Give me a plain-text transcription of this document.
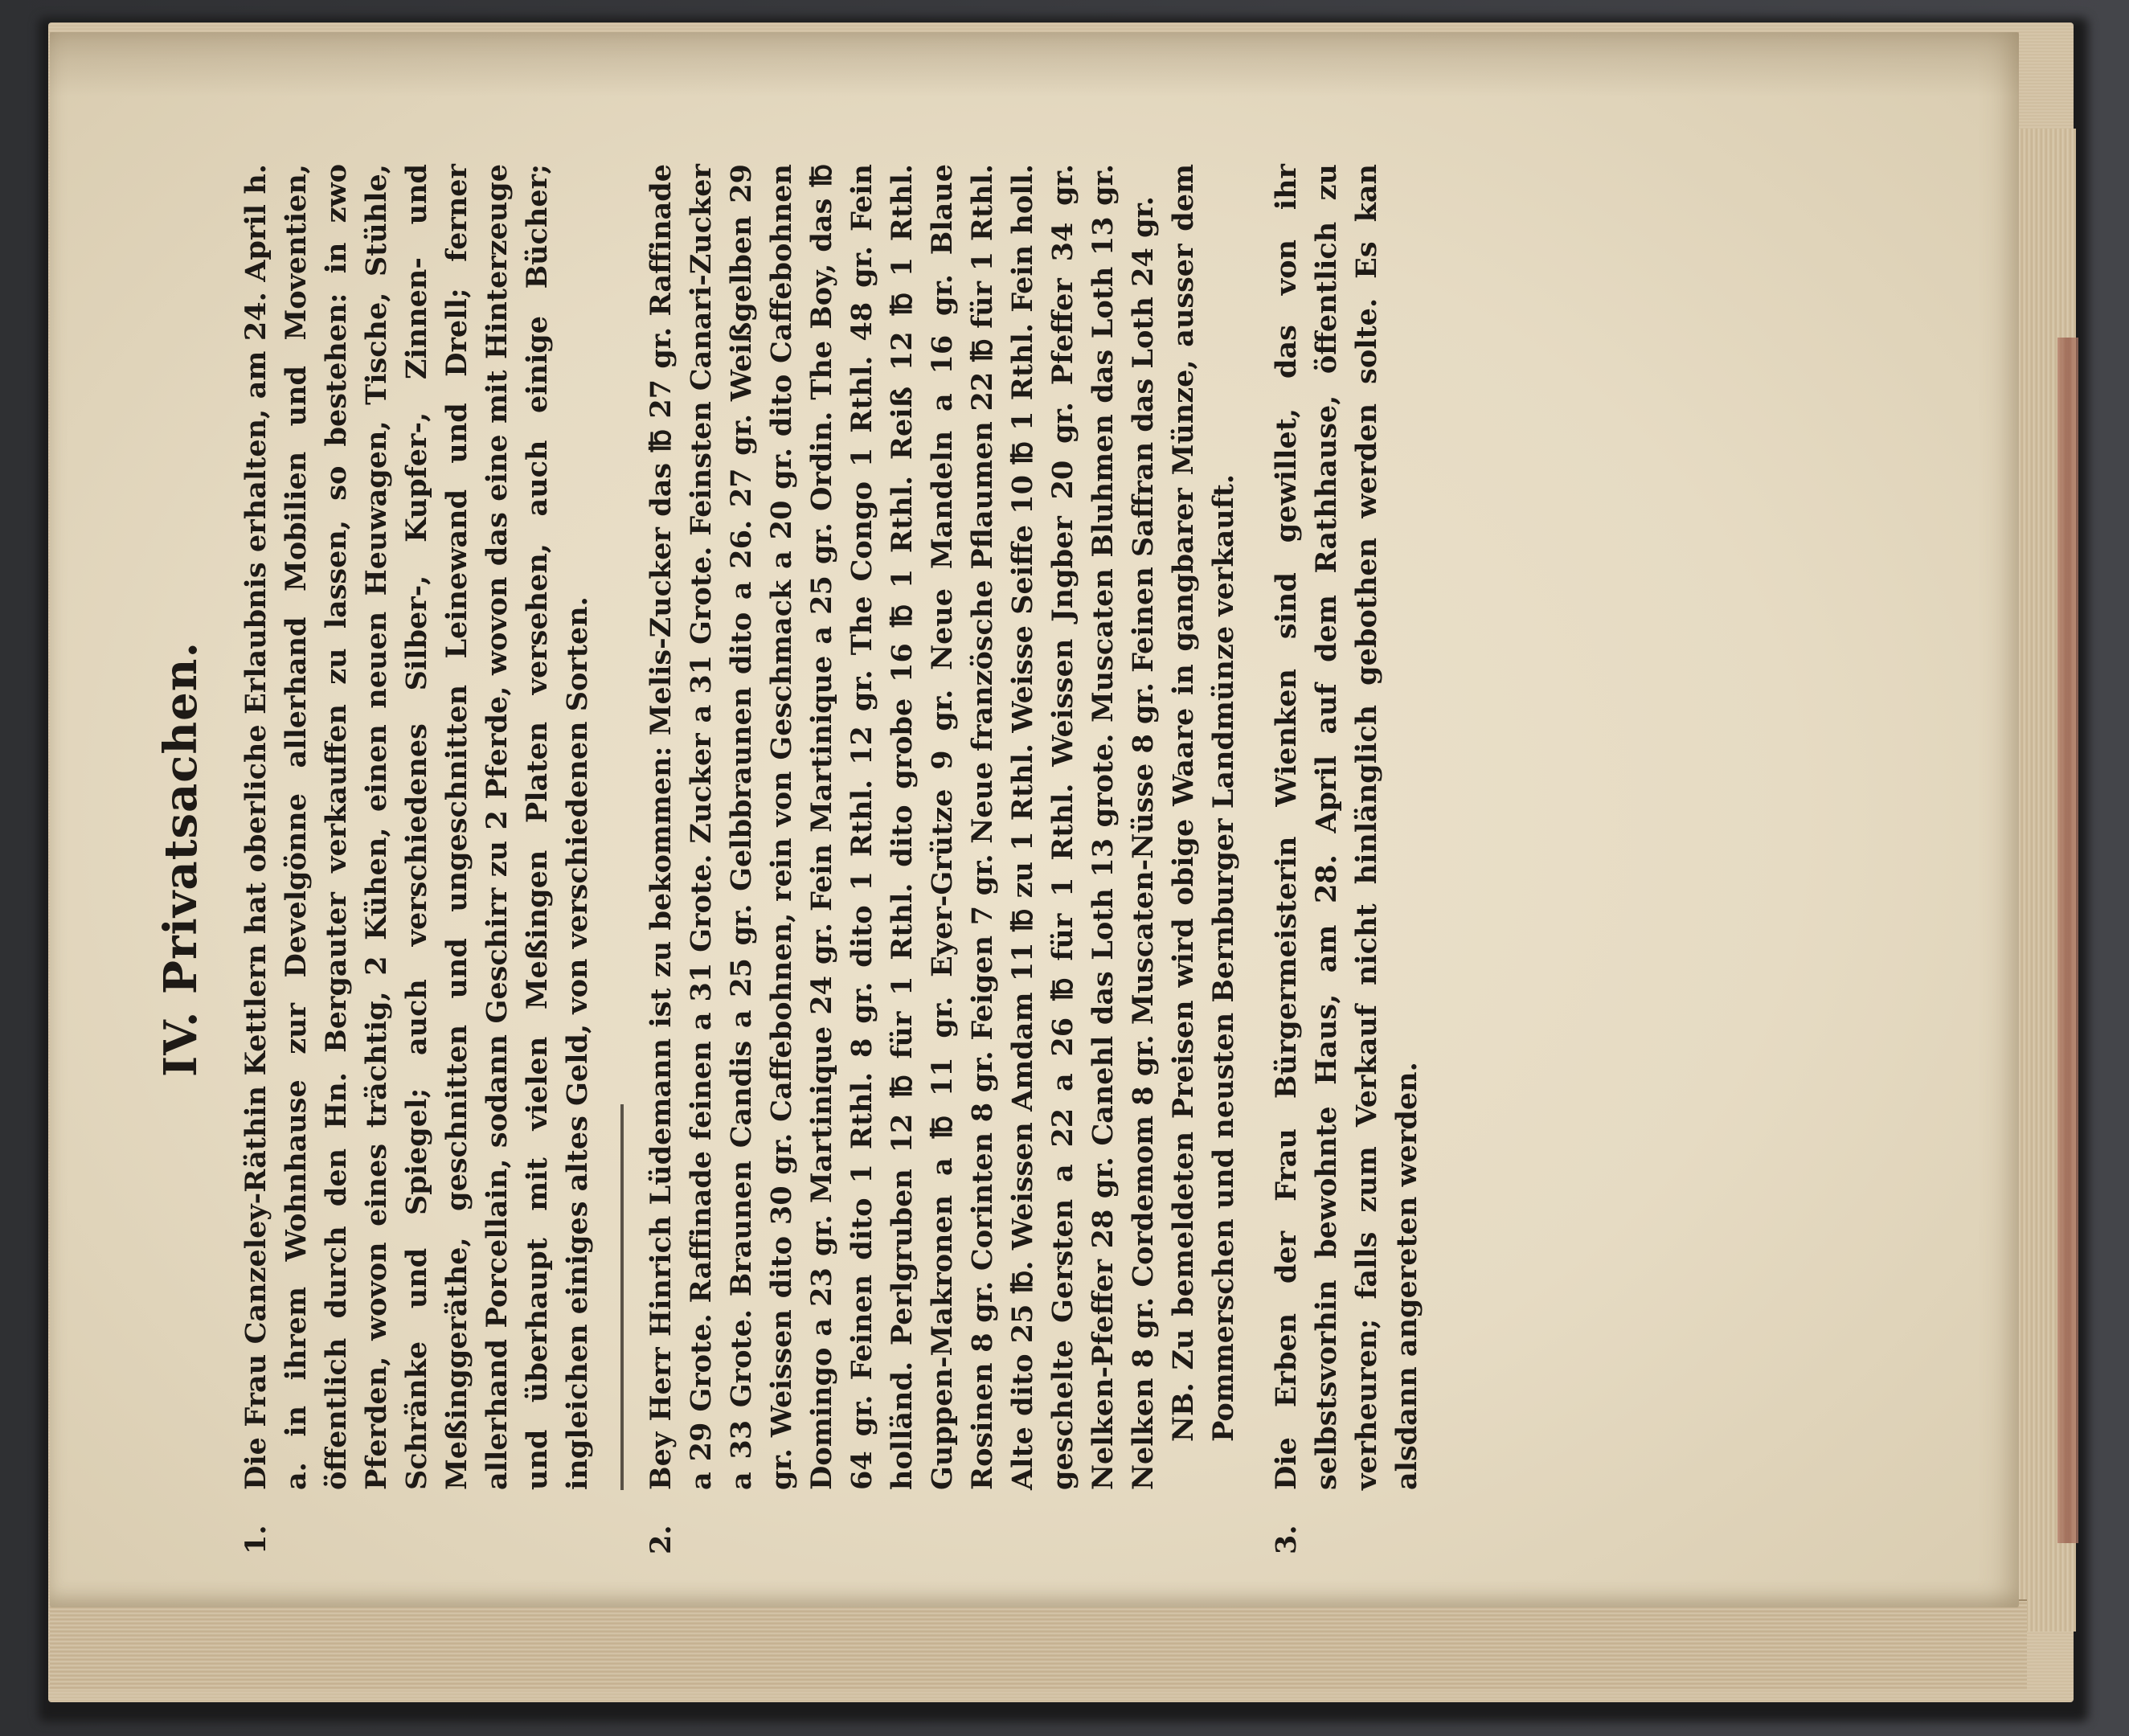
IV. Privatsachen.
1.
Die Frau Canzeley-Räthin Kettlern hat oberliche Erlaubnis erhalten, am 24. April h. a. in ihrem Wohnhause zur Develgönne allerhand Mobilien und Moventien, öffentlich durch den Hn. Bergauter verkauffen zu lassen, so bestehen: in zwo Pferden, wovon eines trächtig, 2 Kühen, einen neuen Heuwagen, Tische, Stühle, Schränke und Spiegel; auch verschiedenes Silber-, Kupfer-, Zinnen- und Meßinggeräthe, geschnitten und ungeschnitten Leinewand und Drell; ferner allerhand Porcellain, sodann Geschirr zu 2 Pferde, wovon das eine mit Hinterzeuge und überhaupt mit vielen Meßingen Platen versehen, auch einige Bücher; ingleichen einiges altes Geld, von verschiedenen Sorten.
2.
Bey Herr Hinrich Lüdemann ist zu bekommen: Melis-Zucker das ℔ 27 gr. Raffinade a 29 Grote. Raffinade feinen a 31 Grote. Zucker a 31 Grote. Feinsten Canari-Zucker a 33 Grote. Braunen Candis a 25 gr. Gelbbraunen dito a 26. 27 gr. Weißgelben 29 gr. Weissen dito 30 gr. Caffebohnen, rein von Geschmack a 20 gr. dito Caffebohnen Domingo a 23 gr. Martinique 24 gr. Fein Martinique a 25 gr. Ordin. The Boy, das ℔ 64 gr. Feinen dito 1 Rthl. 8 gr. dito 1 Rthl. 12 gr. The Congo 1 Rthl. 48 gr. Fein holländ. Perlgruben 12 ℔ für 1 Rthl. dito grobe 16 ℔ 1 Rthl. Reiß 12 ℔ 1 Rthl. Guppen-Makronen a ℔ 11 gr. Eyer-Grütze 9 gr. Neue Mandeln a 16 gr. Blaue Rosinen 8 gr. Corinten 8 gr. Feigen 7 gr. Neue französche Pflaumen 22 ℔ für 1 Rthl. Alte dito 25 ℔. Weissen Amdam 11 ℔ zu 1 Rthl. Weisse Seiffe 10 ℔ 1 Rthl. Fein holl. geschelte Gersten a 22 a 26 ℔ für 1 Rthl. Weissen Jngber 20 gr. Pfeffer 34 gr. Nelken-Pfeffer 28 gr. Canehl das Loth 13 grote. Muscaten Bluhmen das Loth 13 gr. Nelken 8 gr. Cordemom 8 gr. Muscaten-Nüsse 8 gr. Feinen Saffran das Loth 24 gr. NB. Zu bemeldeten Preisen wird obige Waare in gangbarer Münze, ausser dem Pommerschen und neusten Bernburger Landmünze verkauft.
3.
Die Erben der Frau Bürgermeisterin Wienken sind gewillet, das von ihr selbstsvorhin bewohnte Haus, am 28. April auf dem Rathhause, öffentlich zu verheuren; falls zum Verkauf nicht hinlänglich gebothen werden solte. Es kan alsdann angereten werden.
